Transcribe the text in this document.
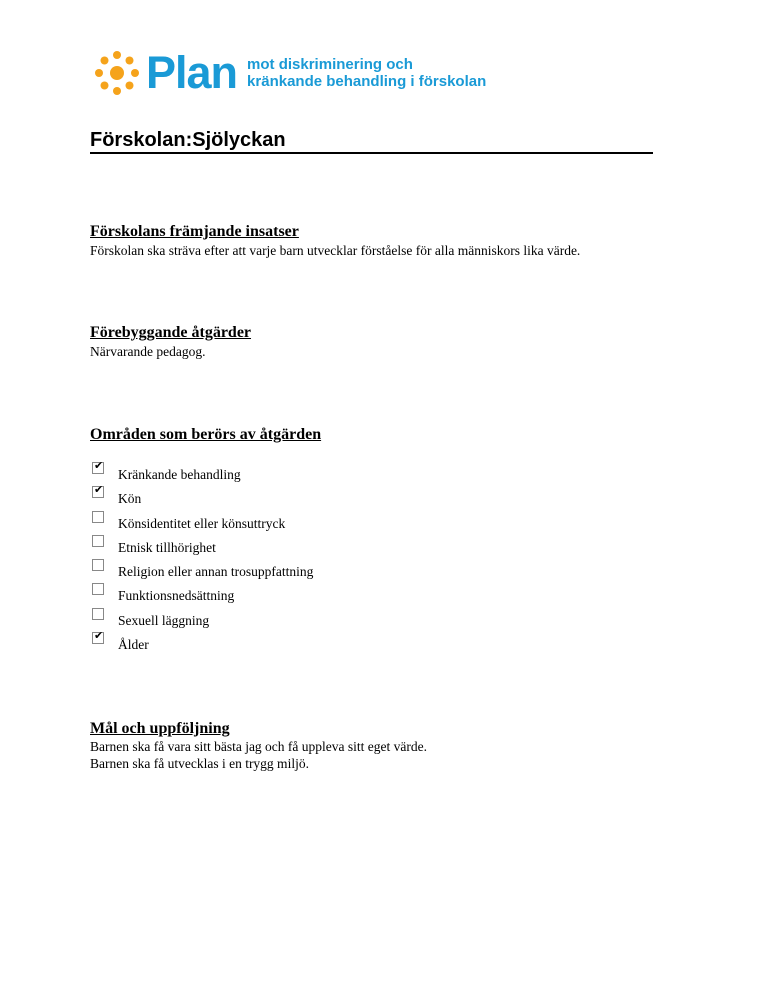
Plan mot diskriminering och
kränkande behandling i förskolan
Förskolan:Sjölyckan
Förskolans främjande insatser

Förskolan ska sträva efter att varje barn utvecklar förståelse för alla människors lika värde.

Förebyggande åtgärder

Närvarande pedagog.

Områden som berörs av åtgärden
✔
Kränkande behandling
✔
Kön
Könsidentitet eller könsuttryck
Etnisk tillhörighet
Religion eller annan trosuppfattning
Funktionsnedsättning
Sexuell läggning
✔
Ålder
Mål och uppföljning

Barnen ska få vara sitt bästa jag och få uppleva sitt eget värde.

Barnen ska få utvecklas i en trygg miljö.
